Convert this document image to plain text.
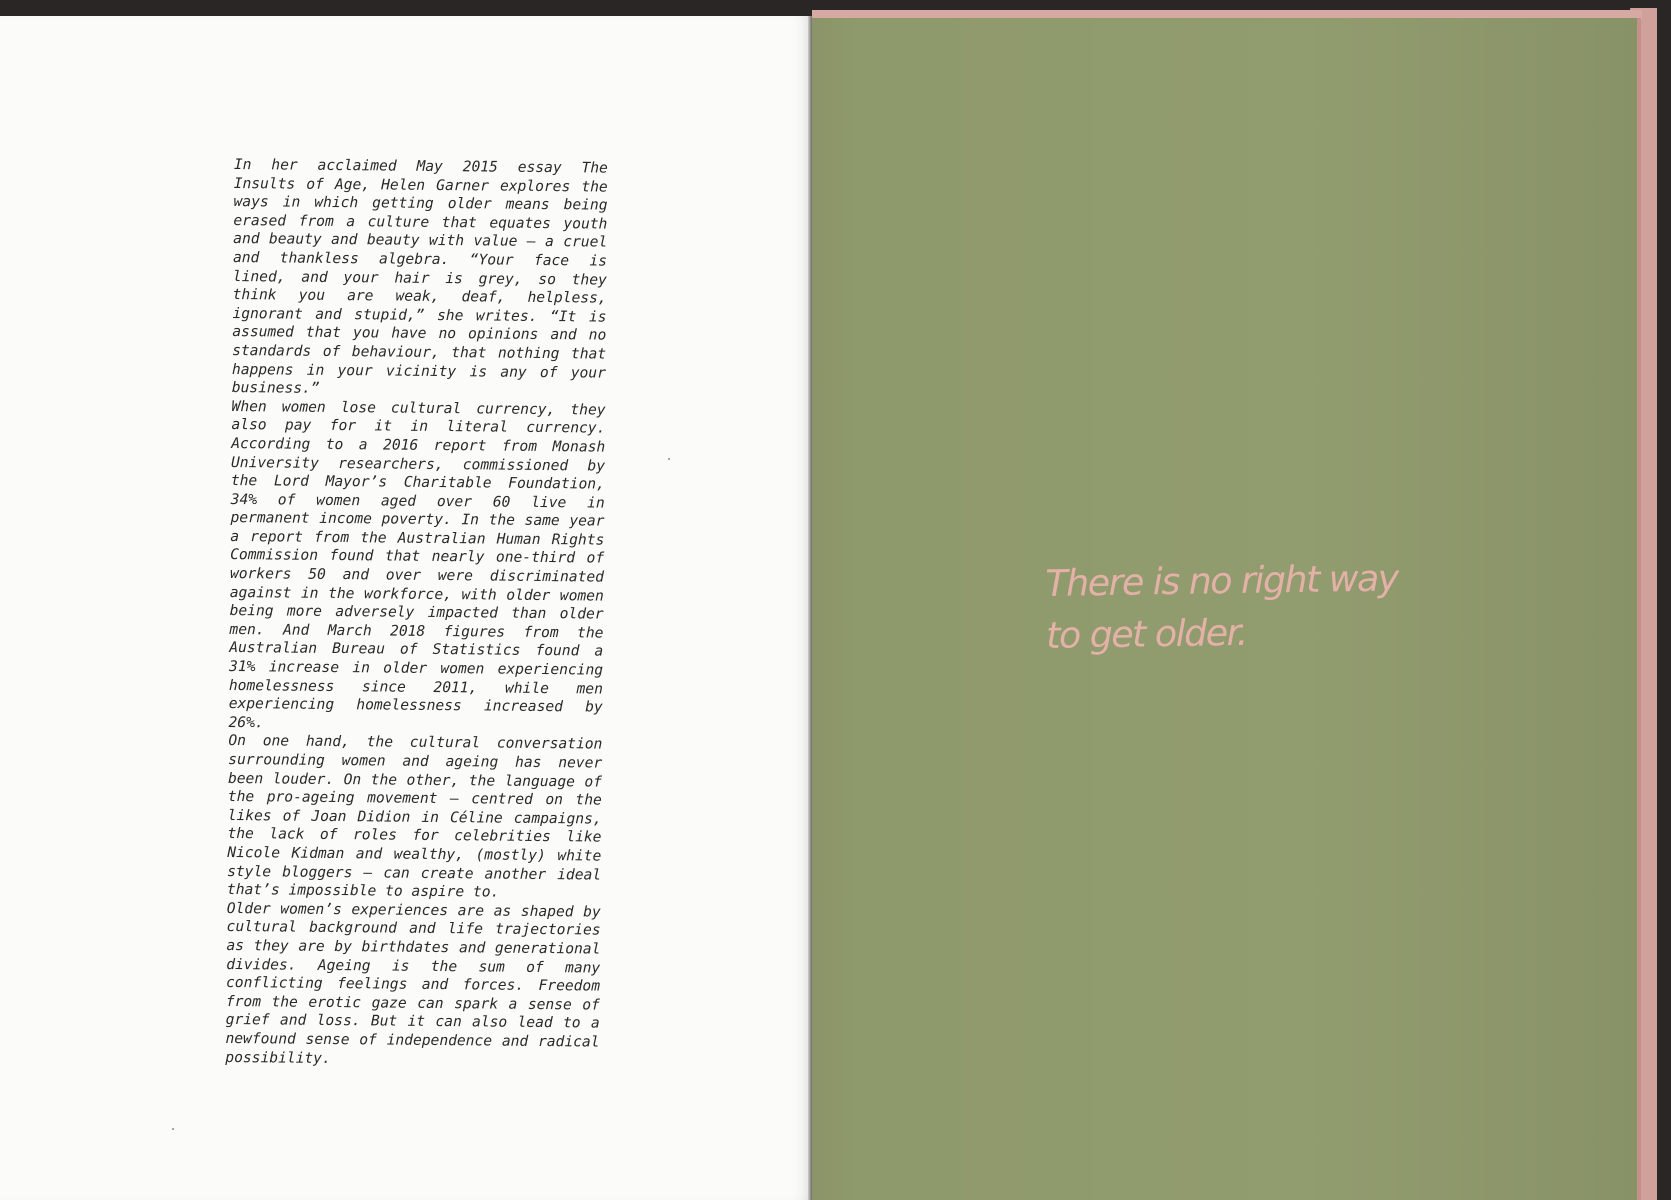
In her acclaimed May 2015 essay The Insults of Age, Helen Garner explores the ways in which getting older means being erased from a culture that equates youth and beauty and beauty with value – a cruel and thankless algebra. “Your face is lined, and your hair is grey, so they think you are weak, deaf, helpless, ignorant and stupid,” she writes. “It is assumed that you have no opinions and no standards of behaviour, that nothing that happens in your vicinity is any of your business.”

When women lose cultural currency, they also pay for it in literal currency. According to a 2016 report from Monash University researchers, commissioned by the Lord Mayor’s Charitable Foundation, 34% of women aged over 60 live in permanent income poverty. In the same year a report from the Australian Human Rights Commission found that nearly one-third of workers 50 and over were discriminated against in the workforce, with older women being more adversely impacted than older men. And March 2018 figures from the Australian Bureau of Statistics found a 31% increase in older women experiencing homelessness since 2011, while men experiencing homelessness increased by 26%.

On one hand, the cultural conversation surrounding women and ageing has never been louder. On the other, the language of the pro-ageing movement – centred on the likes of Joan Didion in Céline campaigns, the lack of roles for celebrities like Nicole Kidman and wealthy, (mostly) white style bloggers – can create another ideal that’s impossible to aspire to.

Older women’s experiences are as shaped by cultural background and life trajectories as they are by birthdates and generational divides. Ageing is the sum of many conflicting feelings and forces. Freedom from the erotic gaze can spark a sense of grief and loss. But it can also lead to a newfound sense of independence and radical possibility.

There is no right way
to get older.
